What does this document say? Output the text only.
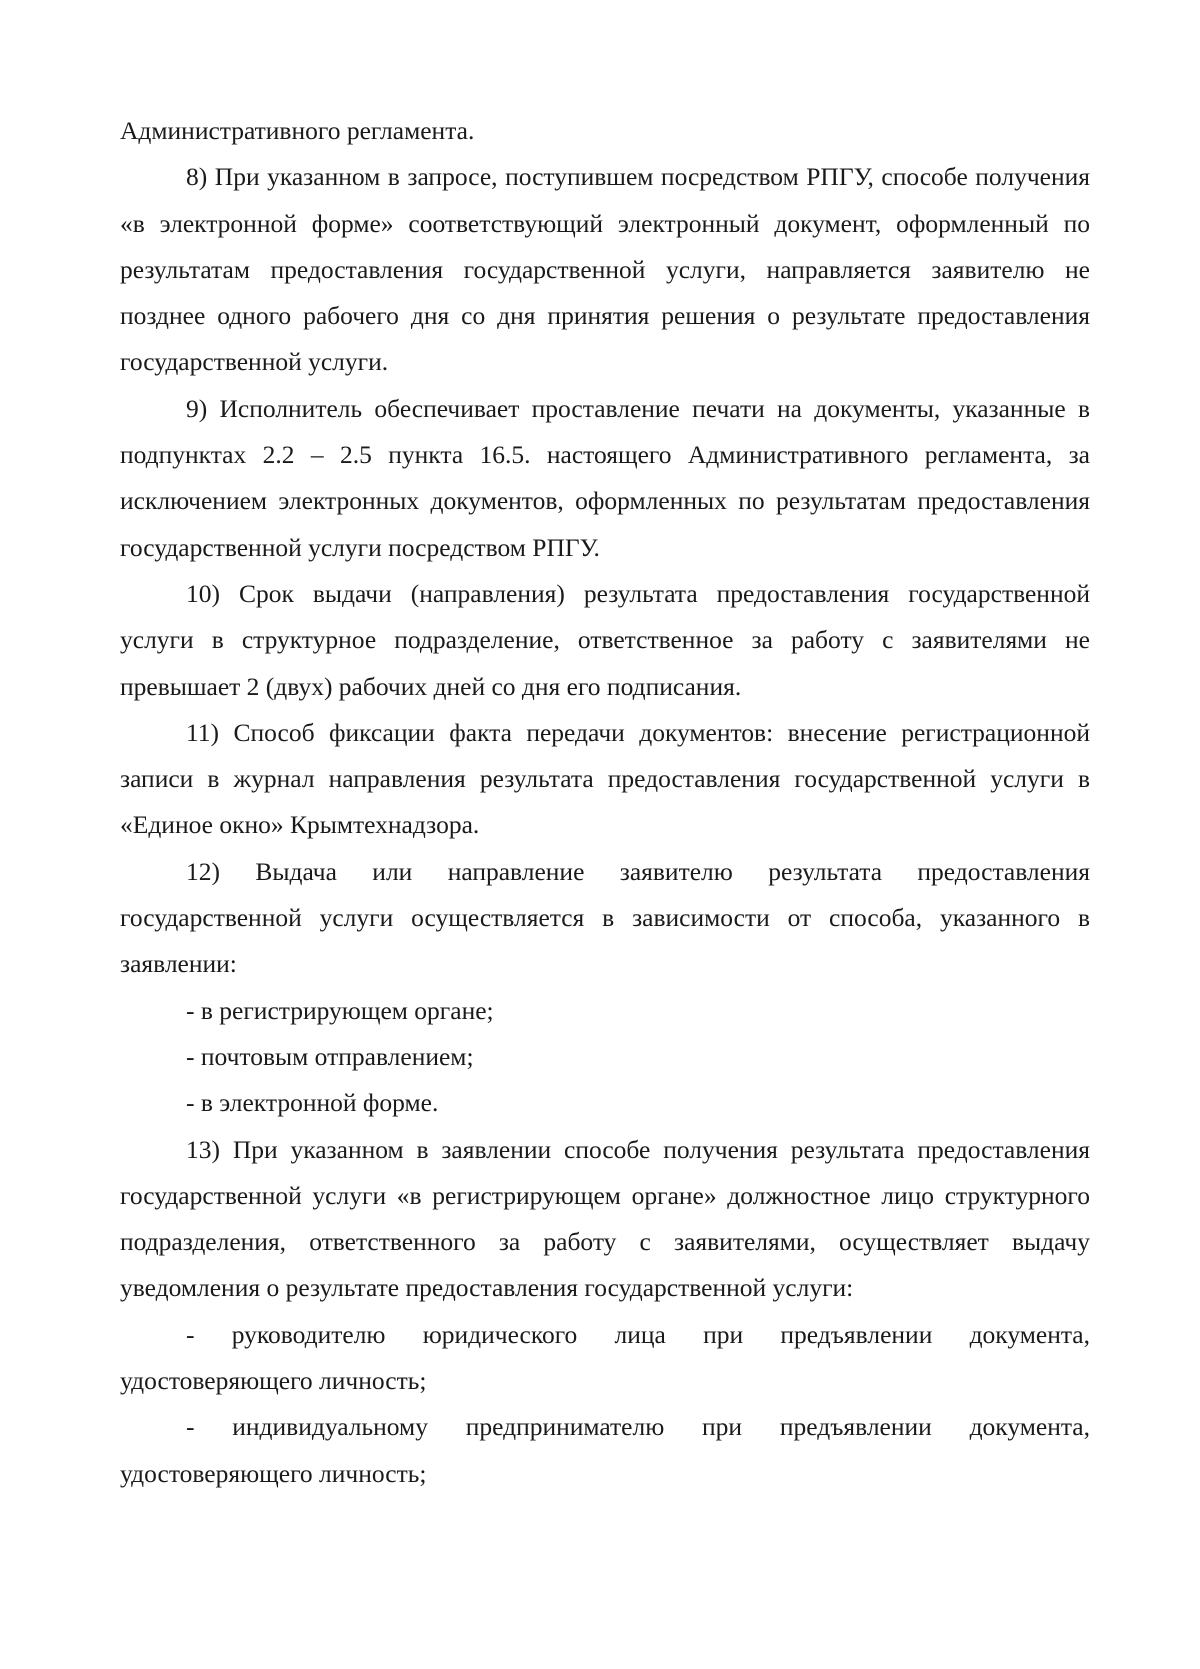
Административного регламента.

8) При указанном в запросе, поступившем посредством РПГУ, способе получения «в электронной форме» соответствующий электронный документ, оформленный по результатам предоставления государственной услуги, направляется заявителю не позднее одного рабочего дня со дня принятия решения о результате предоставления государственной услуги.

9) Исполнитель обеспечивает проставление печати на документы, указанные в подпунктах 2.2 – 2.5 пункта 16.5. настоящего Административного регламента, за исключением электронных документов, оформленных по результатам предоставления государственной услуги посредством РПГУ.

10) Срок выдачи (направления) результата предоставления государственной услуги в структурное подразделение, ответственное за работу с заявителями не превышает 2 (двух) рабочих дней со дня его подписания.

11) Способ фиксации факта передачи документов: внесение регистрационной записи в журнал направления результата предоставления государственной услуги в «Единое окно» Крымтехнадзора.

12) Выдача или направление заявителю результата предоставления государственной услуги осуществляется в зависимости от способа, указанного в заявлении:

- в регистрирующем органе;

- почтовым отправлением;

- в электронной форме.

13) При указанном в заявлении способе получения результата предоставления государственной услуги «в регистрирующем органе» должностное лицо структурного подразделения, ответственного за работу с заявителями, осуществляет выдачу уведомления о результате предоставления государственной услуги:

- руководителю юридического лица при предъявлении документа, удостоверяющего личность;

- индивидуальному предпринимателю при предъявлении документа, удостоверяющего личность;
